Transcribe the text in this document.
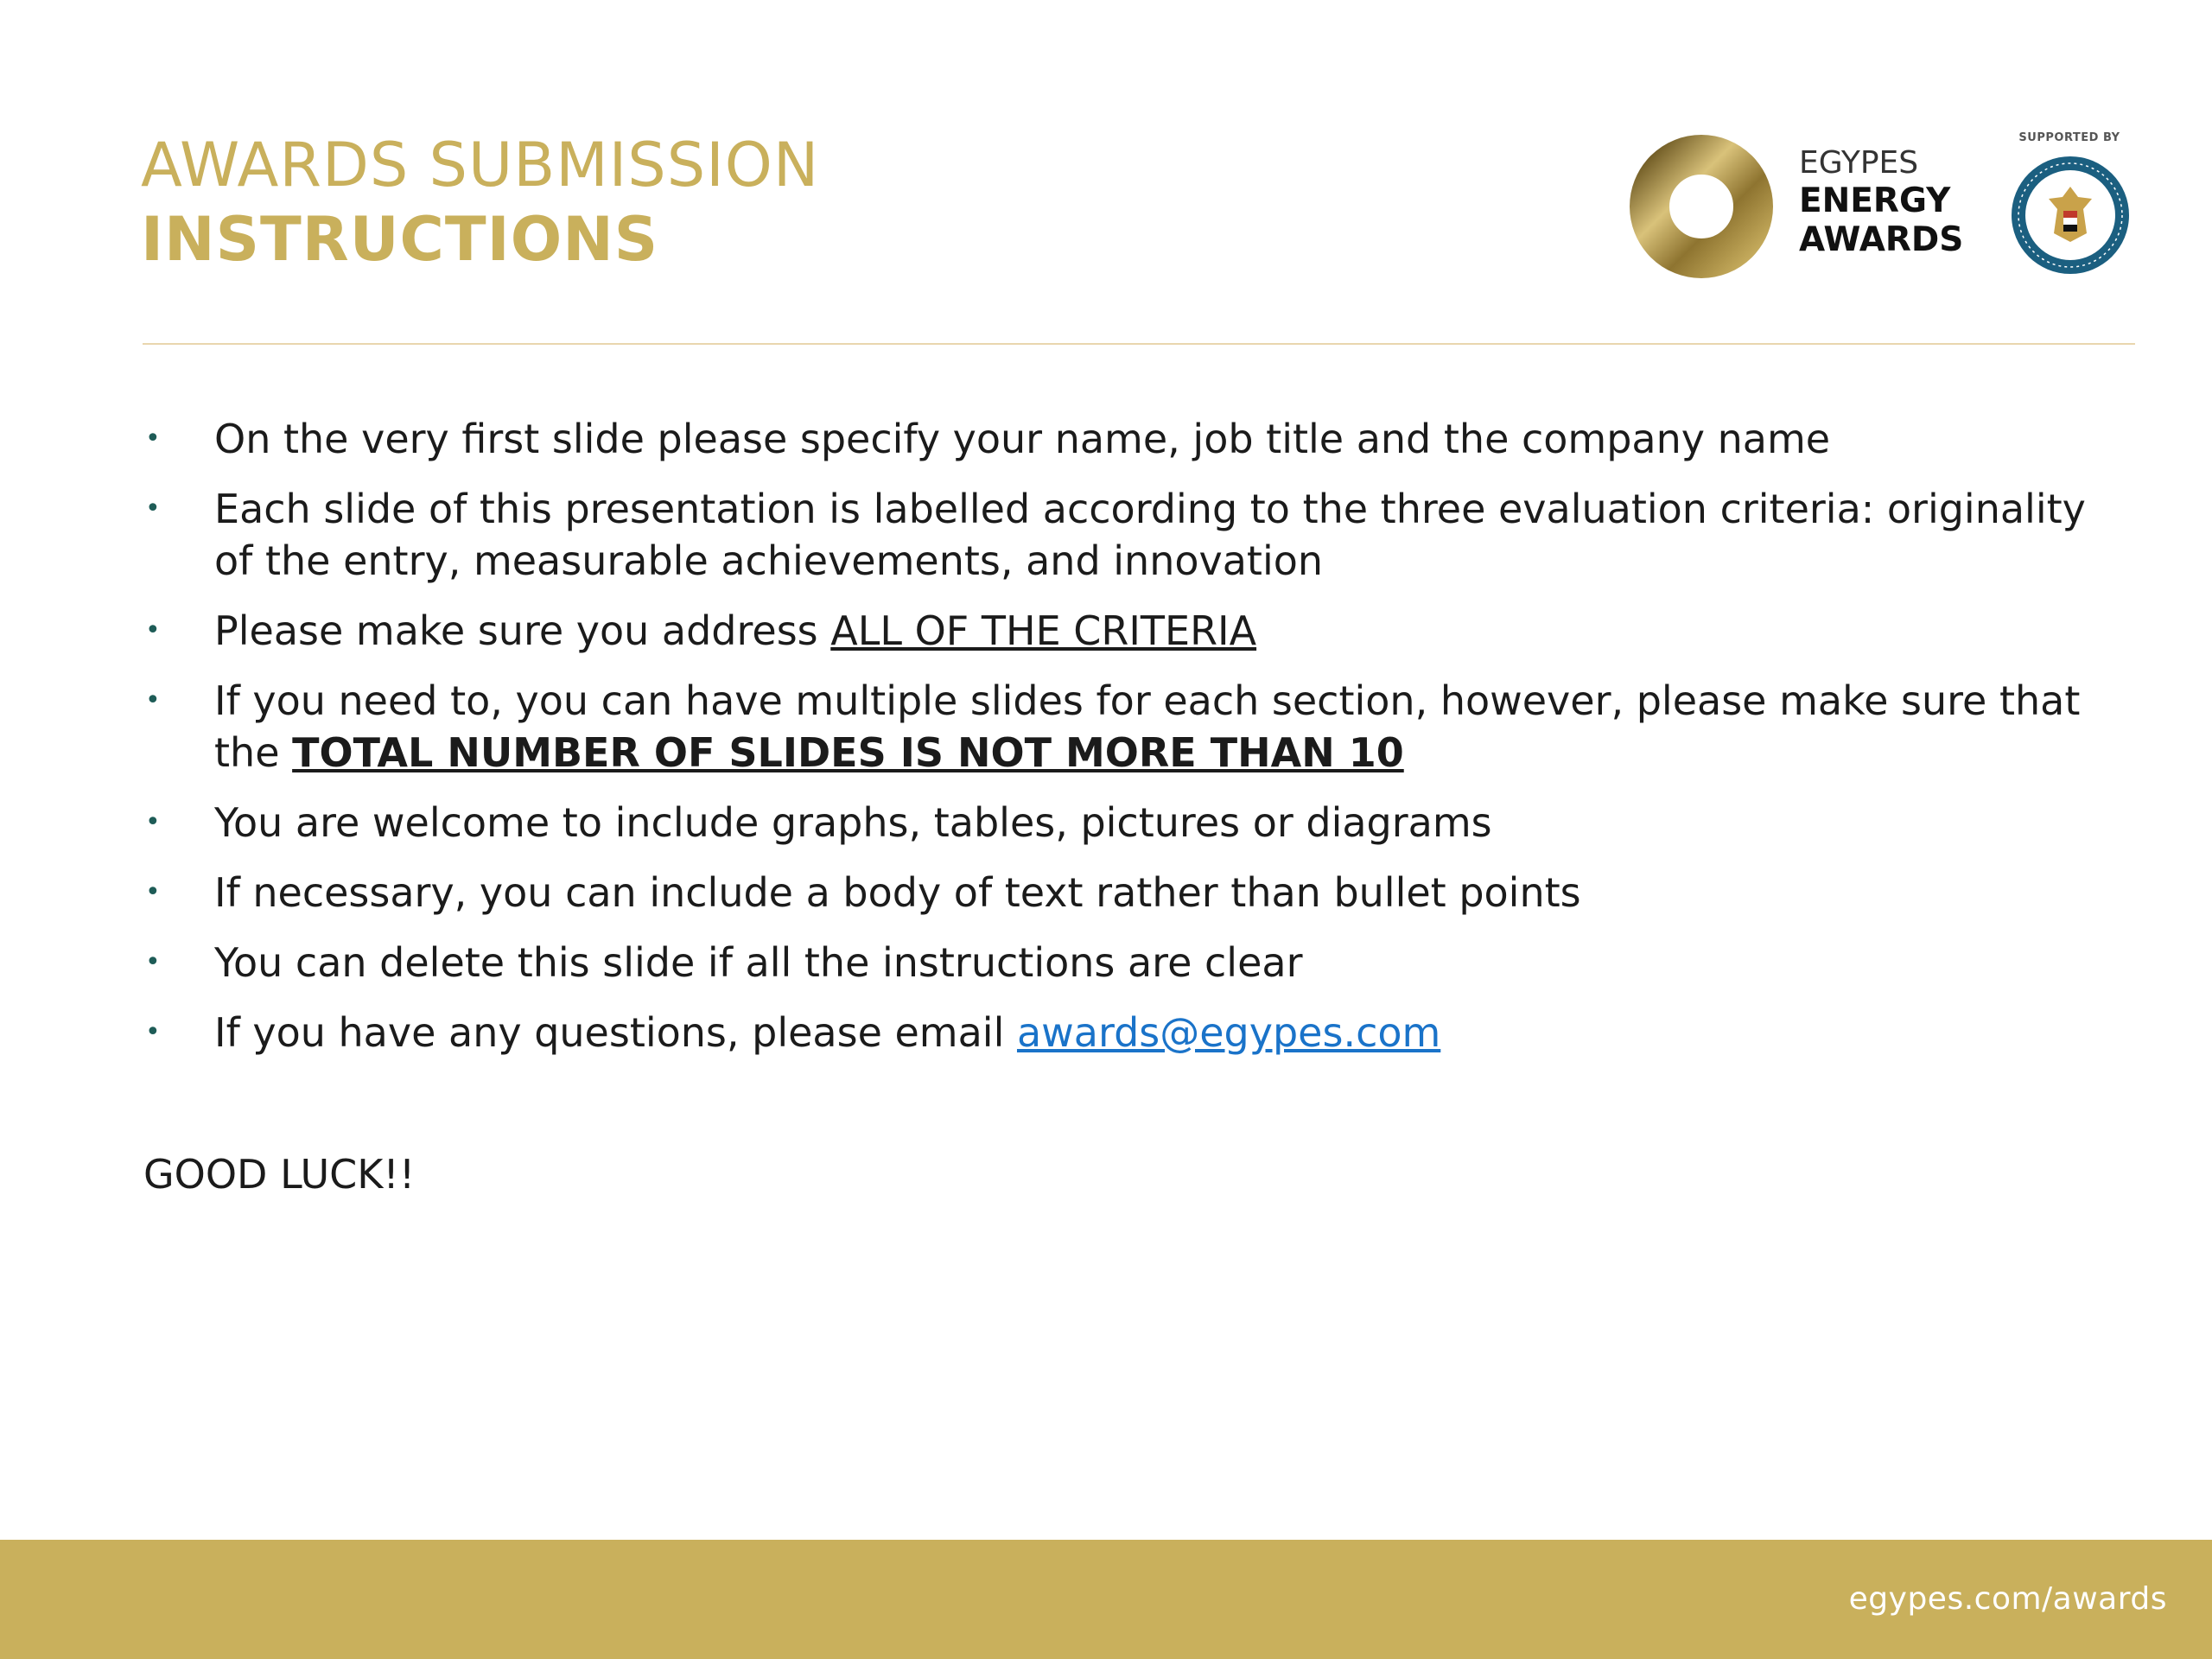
AWARDS SUBMISSION
INSTRUCTIONS
EGYPES
ENERGY
AWARDS
SUPPORTED BY
• On the very first slide please specify your name, job title and the company name
• Each slide of this presentation is labelled according to the three evaluation criteria: originality of the entry, measurable achievements, and innovation
• Please make sure you address ALL OF THE CRITERIA
• If you need to, you can have multiple slides for each section, however, please make sure that the TOTAL NUMBER OF SLIDES IS NOT MORE THAN 10
• You are welcome to include graphs, tables, pictures or diagrams
• If necessary, you can include a body of text rather than bullet points
• You can delete this slide if all the instructions are clear
• If you have any questions, please email awards@egypes.com
GOOD LUCK!!
egypes.com/awards
